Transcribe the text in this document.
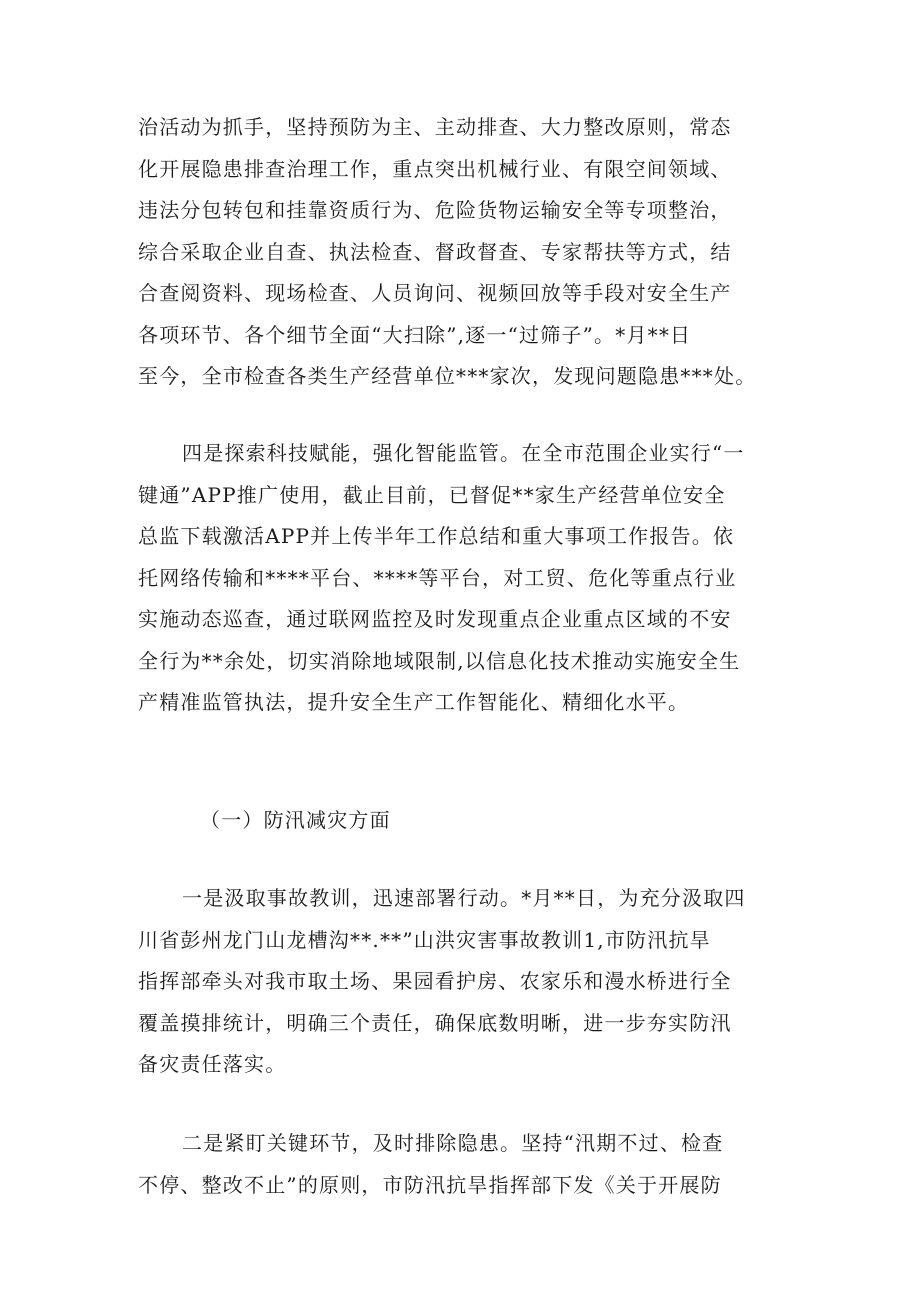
治活动为抓手，坚持预防为主、主动排查、大力整改原则，常态
化开展隐患排查治理工作，重点突出机械行业、有限空间领域、
违法分包转包和挂靠资质行为、危险货物运输安全等专项整治，
综合采取企业自查、执法检查、督政督查、专家帮扶等方式，结
合查阅资料、现场检查、人员询问、视频回放等手段对安全生产
各项环节、各个细节全面“大扫除”,逐一“过筛子”。*月**日
至今，全市检查各类生产经营单位***家次，发现问题隐患***处。
四是探索科技赋能，强化智能监管。在全市范围企业实行“一
键通”APP推广使用，截止目前，已督促**家生产经营单位安全
总监下载激活APP并上传半年工作总结和重大事项工作报告。依
托网络传输和****平台、****等平台，对工贸、危化等重点行业
实施动态巡查，通过联网监控及时发现重点企业重点区域的不安
全行为**余处，切实消除地域限制,以信息化技术推动实施安全生
产精准监管执法，提升安全生产工作智能化、精细化水平。
（一）防汛减灾方面
一是汲取事故教训，迅速部署行动。*月**日，为充分汲取四
川省彭州龙门山龙槽沟**.**”山洪灾害事故教训1,市防汛抗旱
指挥部牵头对我市取土场、果园看护房、农家乐和漫水桥进行全
覆盖摸排统计，明确三个责任，确保底数明晰，进一步夯实防汛
备灾责任落实。
二是紧盯关键环节，及时排除隐患。坚持“汛期不过、检查
不停、整改不止”的原则，市防汛抗旱指挥部下发《关于开展防
